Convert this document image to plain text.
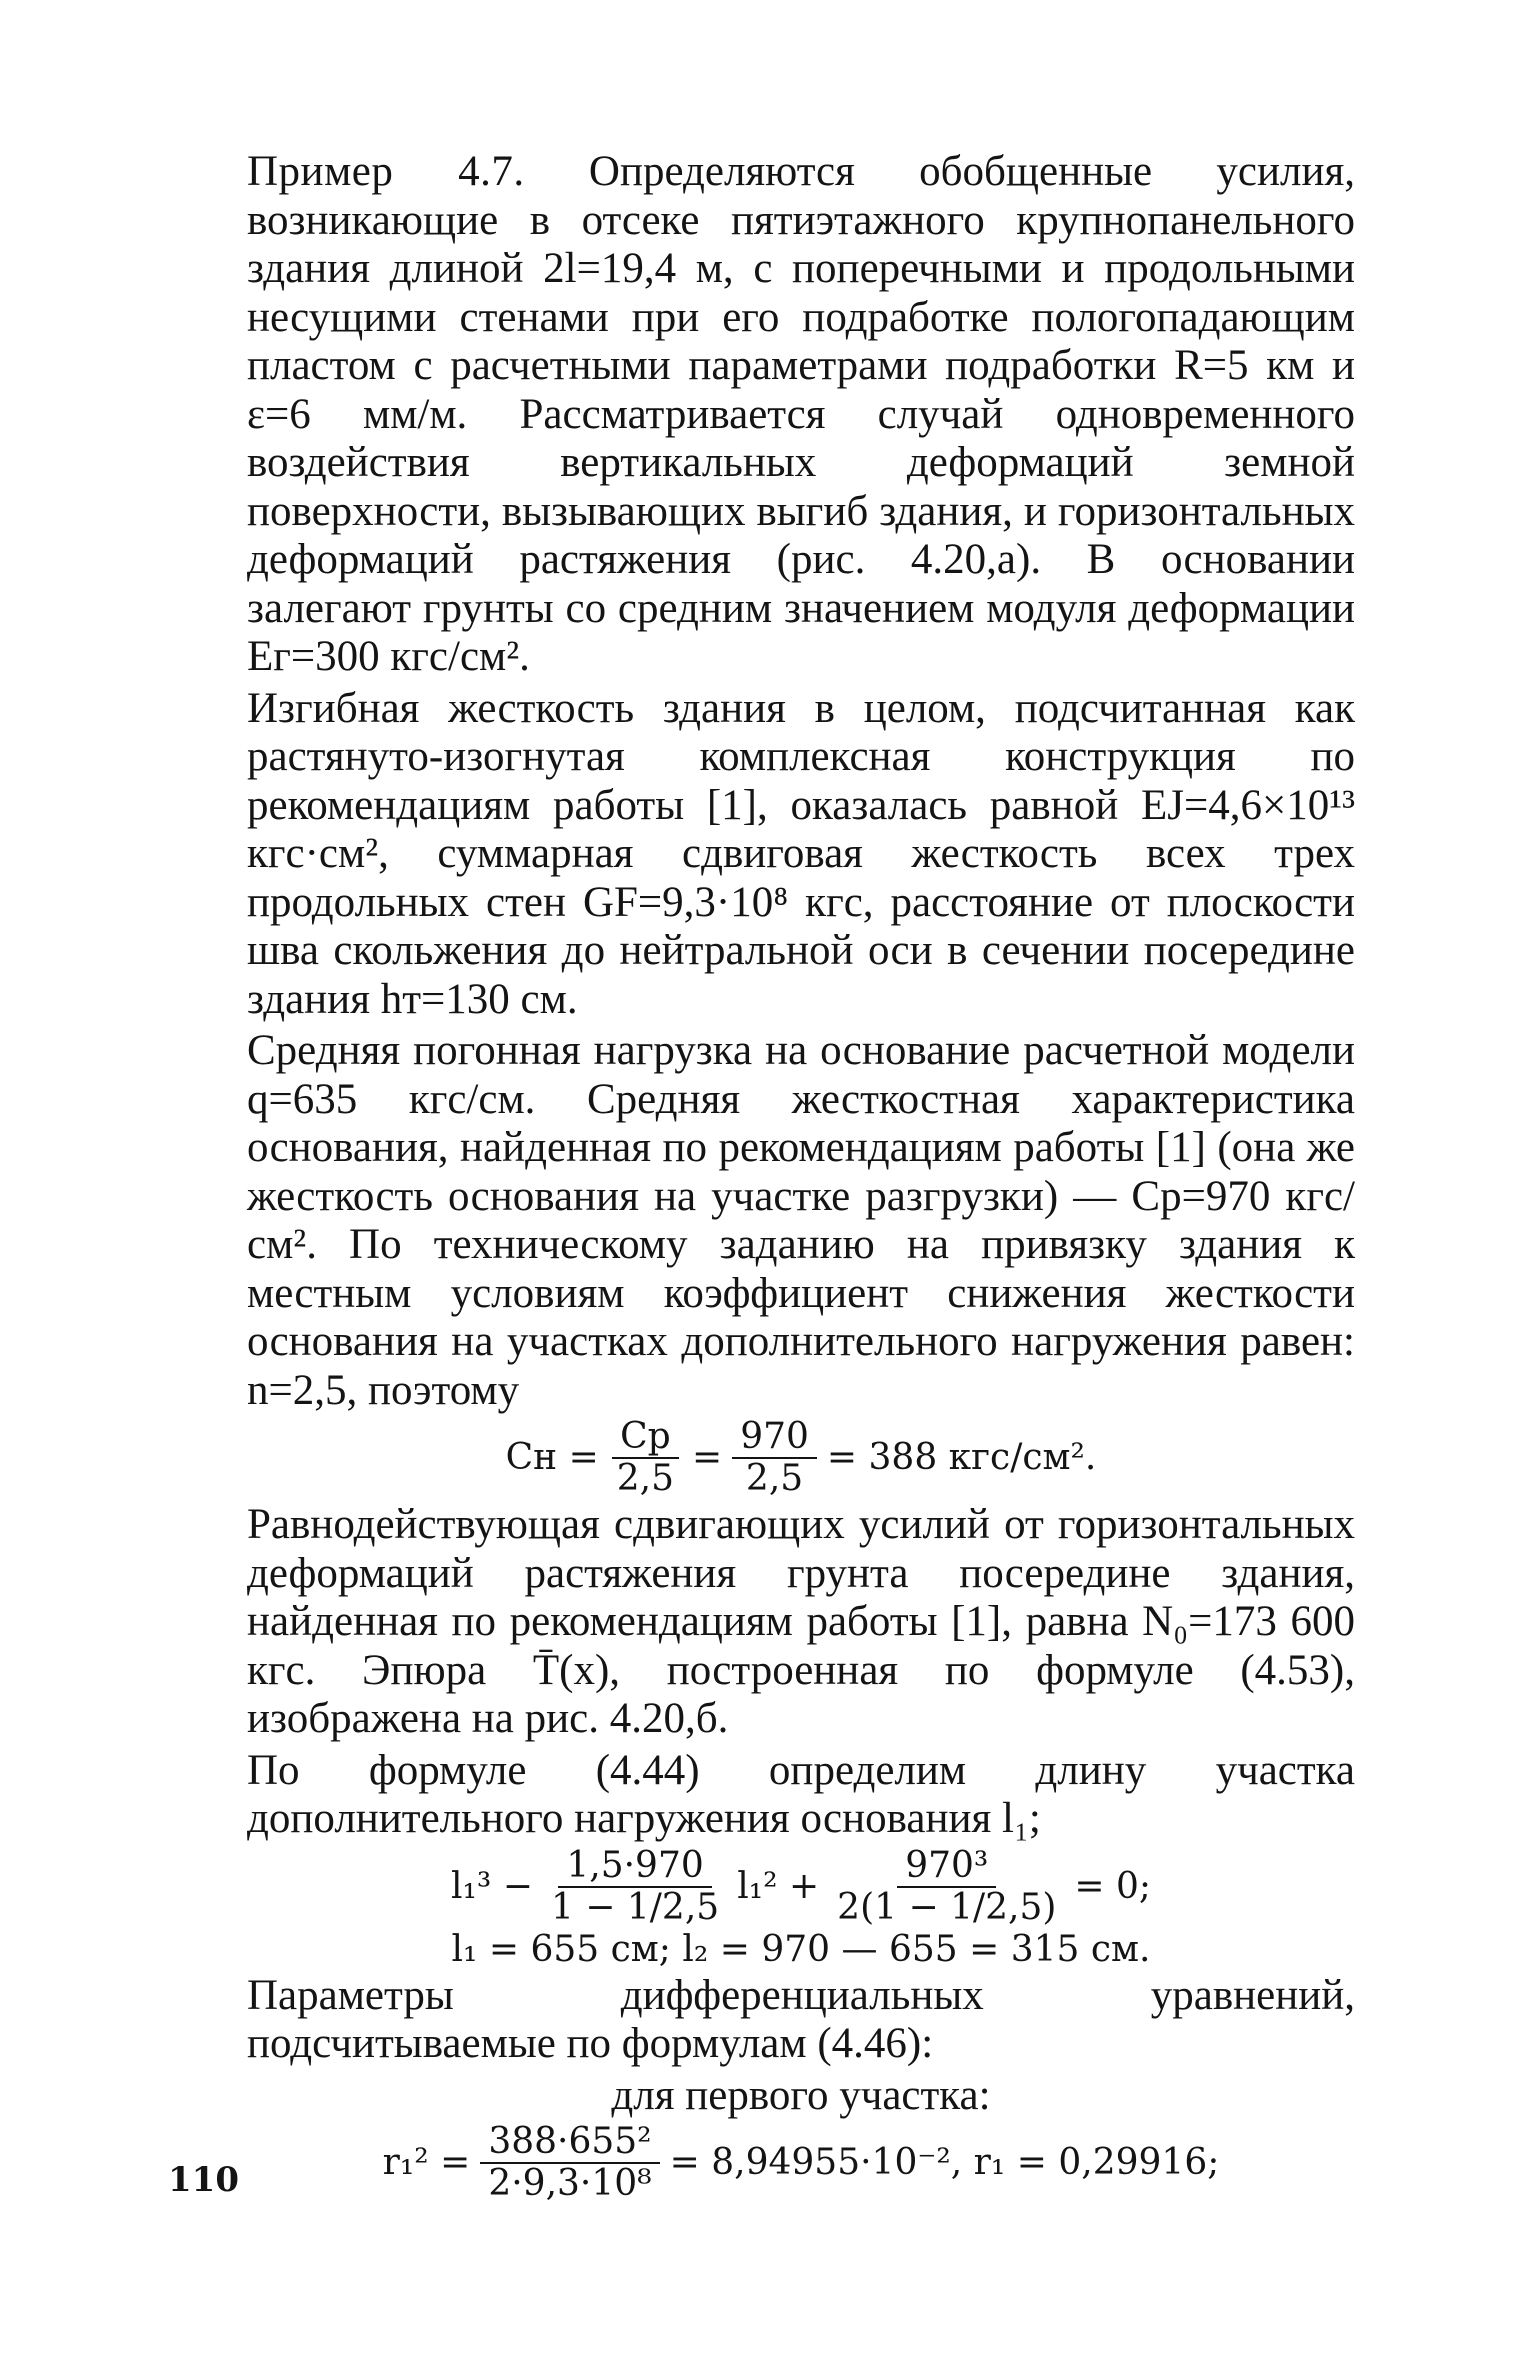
Пример 4.7. Определяются обобщенные усилия, возникающие в отсеке пятиэтажного крупнопанельного здания длиной 2l=19,4 м, с поперечными и продольными несущими стенами при его подработке пологопадающим пластом с расчетными параметрами подработки R=5 км и ε=6 мм/м. Рассматривается случай одновременного воздействия вертикальных деформаций земной поверхности, вызывающих выгиб здания, и горизонтальных деформаций растяжения (рис. 4.20,a). В основании залегают грунты со средним значением модуля деформации Eг=300 кгс/см².

Изгибная жесткость здания в целом, подсчитанная как растянуто-изогнутая комплексная конструкция по рекомендациям работы [1], оказалась равной EJ=4,6×10¹³ кгс·см², суммарная сдвиговая жесткость всех трех продольных стен GF=9,3·10⁸ кгс, расстояние от плоскости шва скольжения до нейтральной оси в сечении посередине здания hт=130 см.

Средняя погонная нагрузка на основание расчетной модели q=635 кгс/см. Средняя жесткостная характеристика основания, найденная по рекомендациям работы [1] (она же жесткость основания на участке разгрузки) — Cр=970 кгс/см². По техническому заданию на привязку здания к местным условиям коэффициент снижения жесткости основания на участках дополнительного нагружения равен: n=2,5, поэтому

Cн = $\frac{Cр}{2,5} = \frac{970}{2,5} = 388$ кгс/см².

Равнодействующая сдвигающих усилий от горизонтальных деформаций растяжения грунта посередине здания, найденная по рекомендациям работы [1], равна N₀=173 600 кгс. Эпюра T̄(x), построенная по формуле (4.53), изображена на рис. 4.20,б.

По формуле (4.44) определим длину участка дополнительного нагружения основания l₁;

$l_1^3 - \frac{1,5\cdot 970}{1 - 1/2,5} l_1^2 + \frac{\text{970³}}{2(1 - 1/2,5)} = 0$;
l₁ = 655 см; l₂ = 970 — 655 = 315 см.

Параметры дифференциальных уравнений, подсчитываемые по формулам (4.46):

для первого участка:

$r_1^2 = \frac{\text{388·655²}}{\text{2·9,3·10⁸}} = 8,94955\cdot 10^{-2}$, r₁ = 0,29916;
110
